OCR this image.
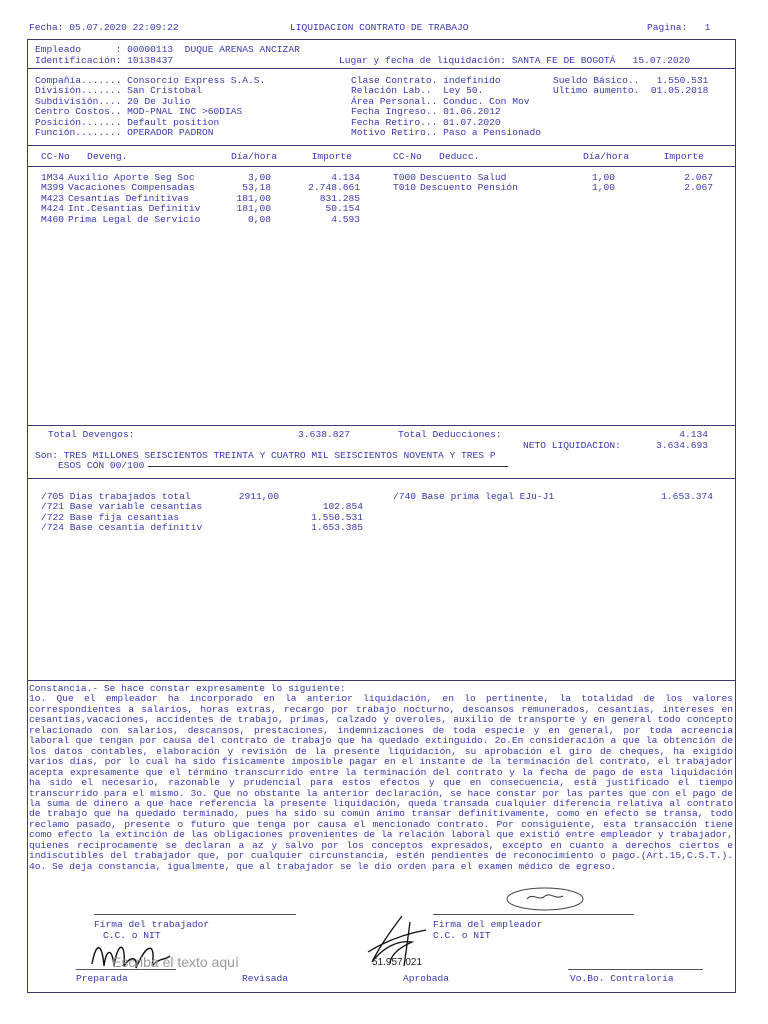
Fecha: 05.07.2020 22:09:22	LIQUIDACION CONTRATO DE TRABAJO	Pagina:   1
Empleado      : 00000113  DUQUE ARENAS ANCIZAR
Identificación: 10138437	Lugar y fecha de liquidación: SANTA FE DE BOGOTÁ   15.07.2020
Compañía....... Consorcio Express S.A.S.
División....... San Cristobal
Subdivisión.... 20 De Julio
Centro Costos.. MOD-PNAL INC >60DIAS
Posición....... Default position
Función........ OPERADOR PADRON
Clase Contrato. indefinido
Relación Lab..  Ley 50.
Área Personal.. Conduc. Con Mov
Fecha Ingreso.. 01.06.2012
Fecha Retiro... 01.07.2020
Motivo Retiro.. Paso a Pensionado
Sueldo Básico..   1.550.531
Ultimo aumento.  01.05.2018
CC-No   Deveng.                  Día/hora      Importe	CC-No   Deducc.                  Día/hora      Importe
1M34 Auxilio Aporte Seg Soc	3,00	4.134
M399 Vacaciones Compensadas	53,18	2.748.661
M423 Cesantías Definitivas	181,00	831.285
M424 Int.Cesantías Definitiv	181,00	50.154
M460 Prima Legal de Servicio	0,08	4.593
T000 Descuento Salud	1,00	2.067
T010 Descuento Pensión	1,00	2.067
Total Devengos:	3.638.827	Total Deducciones:	4.134
NETO LIQUIDACION:	3.634.693
Son: TRES MILLONES SEISCIENTOS TREINTA Y CUATRO MIL SEISCIENTOS NOVENTA Y TRES P
ESOS CON 00/100
/705 Dias trabajados total	2911,00
/721 Base variable cesantias	102.854
/722 Base fija cesantias	1.550.531
/724 Base cesantía definitiv	1.653.385
/740 Base prima legal EJu-J1	1.653.374
Constancia.- Se hace constar expresamente lo siguiente:
1o. Que el empleador ha incorporado en la anterior liquidación, en lo pertinente, la totalidad de los valores correspondientes a salarios, horas extras, recargo por trabajo nocturno, descansos remunerados, cesantías, intereses en cesantías,vacaciones, accidentes de trabajo, primas, calzado y overoles, auxilio de transporte y en general todo concepto relacionado con salarios, descansos, prestaciones, indemnizaciones de toda especie y en general, por toda acreencia laboral que tengan por causa del contrato de trabajo que ha quedado extinguido. 2o.En consideración a que la obtención de los datos contables, elaboración y revisión de la presente liquidación, su aprobación el giro de cheques, ha exigido varios días, por lo cual ha sido físicamente imposible pagar en el instante de la terminación del contrato, el trabajador acepta expresamente que el término transcurrido entre la terminación del contrato y la fecha de pago de esta liquidación ha sido el necesario, razonable y prudencial para estos efectos y que en consecuencia, está justificado el tiempo transcurrido para el mismo. 3o. Que no obstante la anterior declaración, se hace constar por las partes que con el pago de la suma de dinero a que hace referencia la presente liquidación, queda transada cualquier diferencia relativa al contrato de trabajo que ha quedado terminado, pues ha sido su común ánimo transar definitivamente, como en efecto se transa, todo reclamo pasado, presente o futuro que tenga por causa el mencionado contrato. Por consiguiente, esta transacción tiene como efecto la extinción de las obligaciones provenientes de la relación laboral que existió entre empleador y trabajador, quienes recíprocamente se declaran a az y salvo por los conceptos expresados, excepto en cuanto a derechos ciertos e indiscutibles del trabajador que, por cualquier circunstancia, estén pendientes de reconocimiento o pago.(Art.15,C.S.T.). 4o. Se deja constancia, igualmente, que al trabajador se le dio orden para el examen médico de egreso.
Firma del trabajador
C.C. o NIT
Firma del empleador
C.C. o NIT
51.957.021
Escriba el texto aquí
Preparada	Revisada	Aprobada	Vo.Bo. Contraloría
